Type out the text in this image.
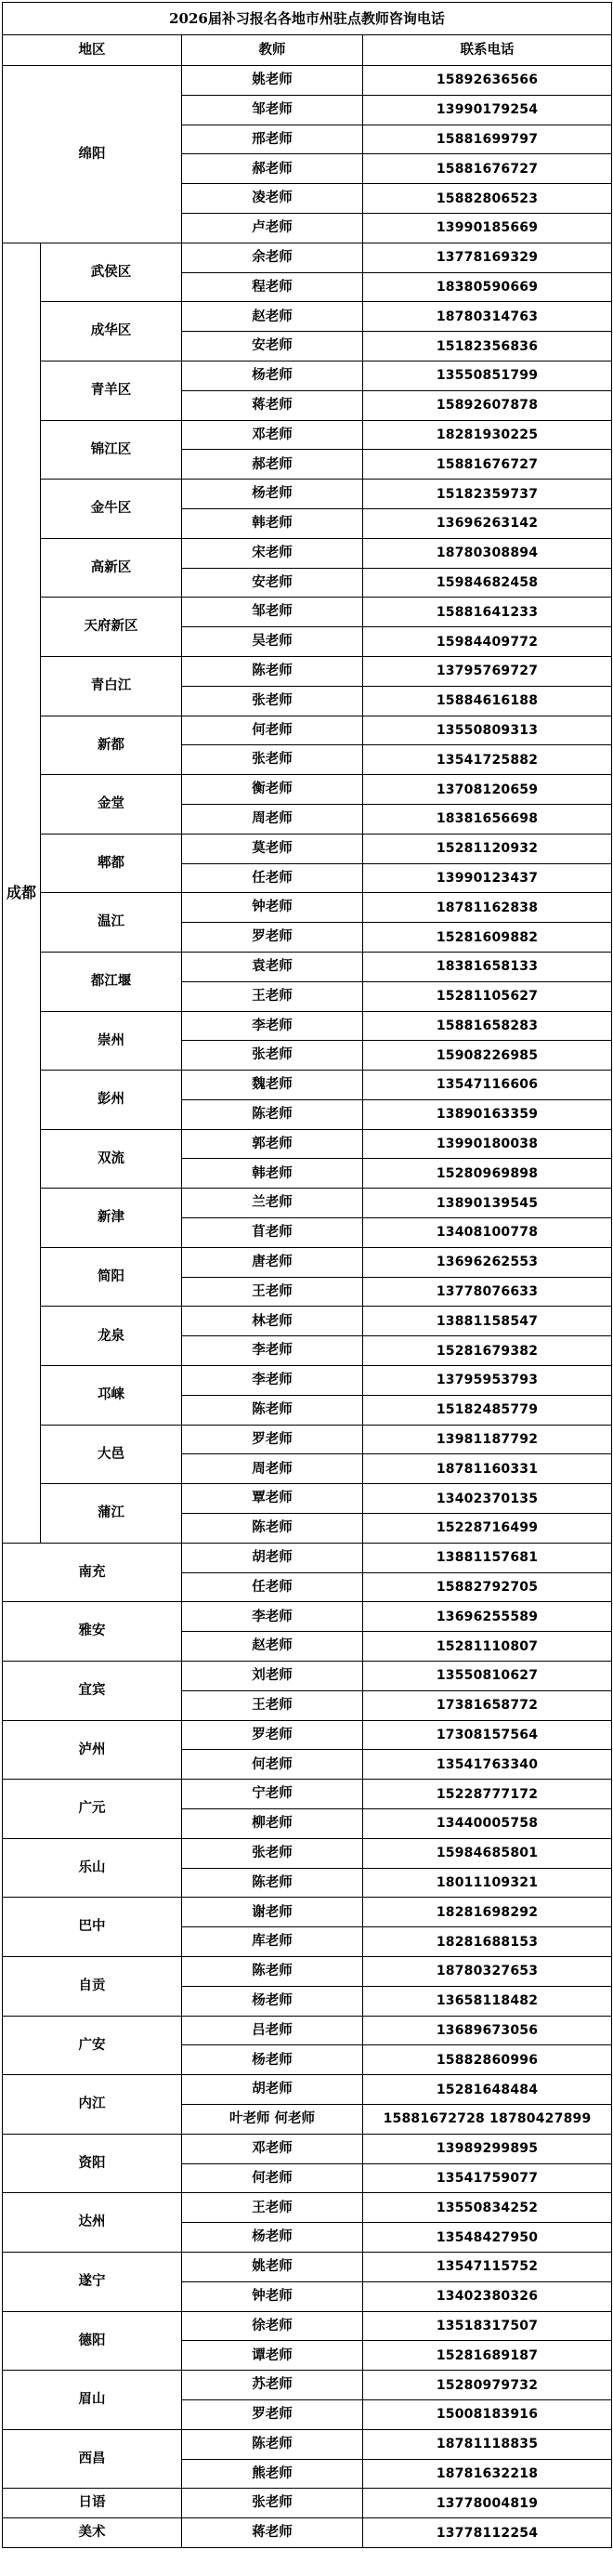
2026届补习报名各地市州驻点教师咨询电话			
地区		教师	联系电话
绵阳		姚老师	15892636566
		邹老师	13990179254
		邢老师	15881699797
		郝老师	15881676727
		凌老师	15882806523
		卢老师	13990185669
成都	武侯区	余老师	13778169329
		程老师	18380590669
	成华区	赵老师	18780314763
		安老师	15182356836
	青羊区	杨老师	13550851799
		蒋老师	15892607878
	锦江区	邓老师	18281930225
		郝老师	15881676727
	金牛区	杨老师	15182359737
		韩老师	13696263142
	高新区	宋老师	18780308894
		安老师	15984682458
	天府新区	邹老师	15881641233
		吴老师	15984409772
	青白江	陈老师	13795769727
		张老师	15884616188
	新都	何老师	13550809313
		张老师	13541725882
	金堂	衡老师	13708120659
		周老师	18381656698
	郫都	莫老师	15281120932
		任老师	13990123437
	温江	钟老师	18781162838
		罗老师	15281609882
	都江堰	袁老师	18381658133
		王老师	15281105627
	崇州	李老师	15881658283
		张老师	15908226985
	彭州	魏老师	13547116606
		陈老师	13890163359
	双流	郭老师	13990180038
		韩老师	15280969898
	新津	兰老师	13890139545
		苜老师	13408100778
	简阳	唐老师	13696262553
		王老师	13778076633
	龙泉	林老师	13881158547
		李老师	15281679382
	邛崃	李老师	13795953793
		陈老师	15182485779
	大邑	罗老师	13981187792
		周老师	18781160331
	蒲江	覃老师	13402370135
		陈老师	15228716499
南充		胡老师	13881157681
		任老师	15882792705
雅安		李老师	13696255589
		赵老师	15281110807
宜宾		刘老师	13550810627
		王老师	17381658772
泸州		罗老师	17308157564
		何老师	13541763340
广元		宁老师	15228777172
		柳老师	13440005758
乐山		张老师	15984685801
		陈老师	18011109321
巴中		谢老师	18281698292
		库老师	18281688153
自贡		陈老师	18780327653
		杨老师	13658118482
广安		吕老师	13689673056
		杨老师	15882860996
内江		胡老师	15281648484
		叶老师 何老师	15881672728 18780427899
资阳		邓老师	13989299895
		何老师	13541759077
达州		王老师	13550834252
		杨老师	13548427950
遂宁		姚老师	13547115752
		钟老师	13402380326
德阳		徐老师	13518317507
		谭老师	15281689187
眉山		苏老师	15280979732
		罗老师	15008183916
西昌		陈老师	18781118835
		熊老师	18781632218
日语		张老师	13778004819
美术		蒋老师	13778112254
